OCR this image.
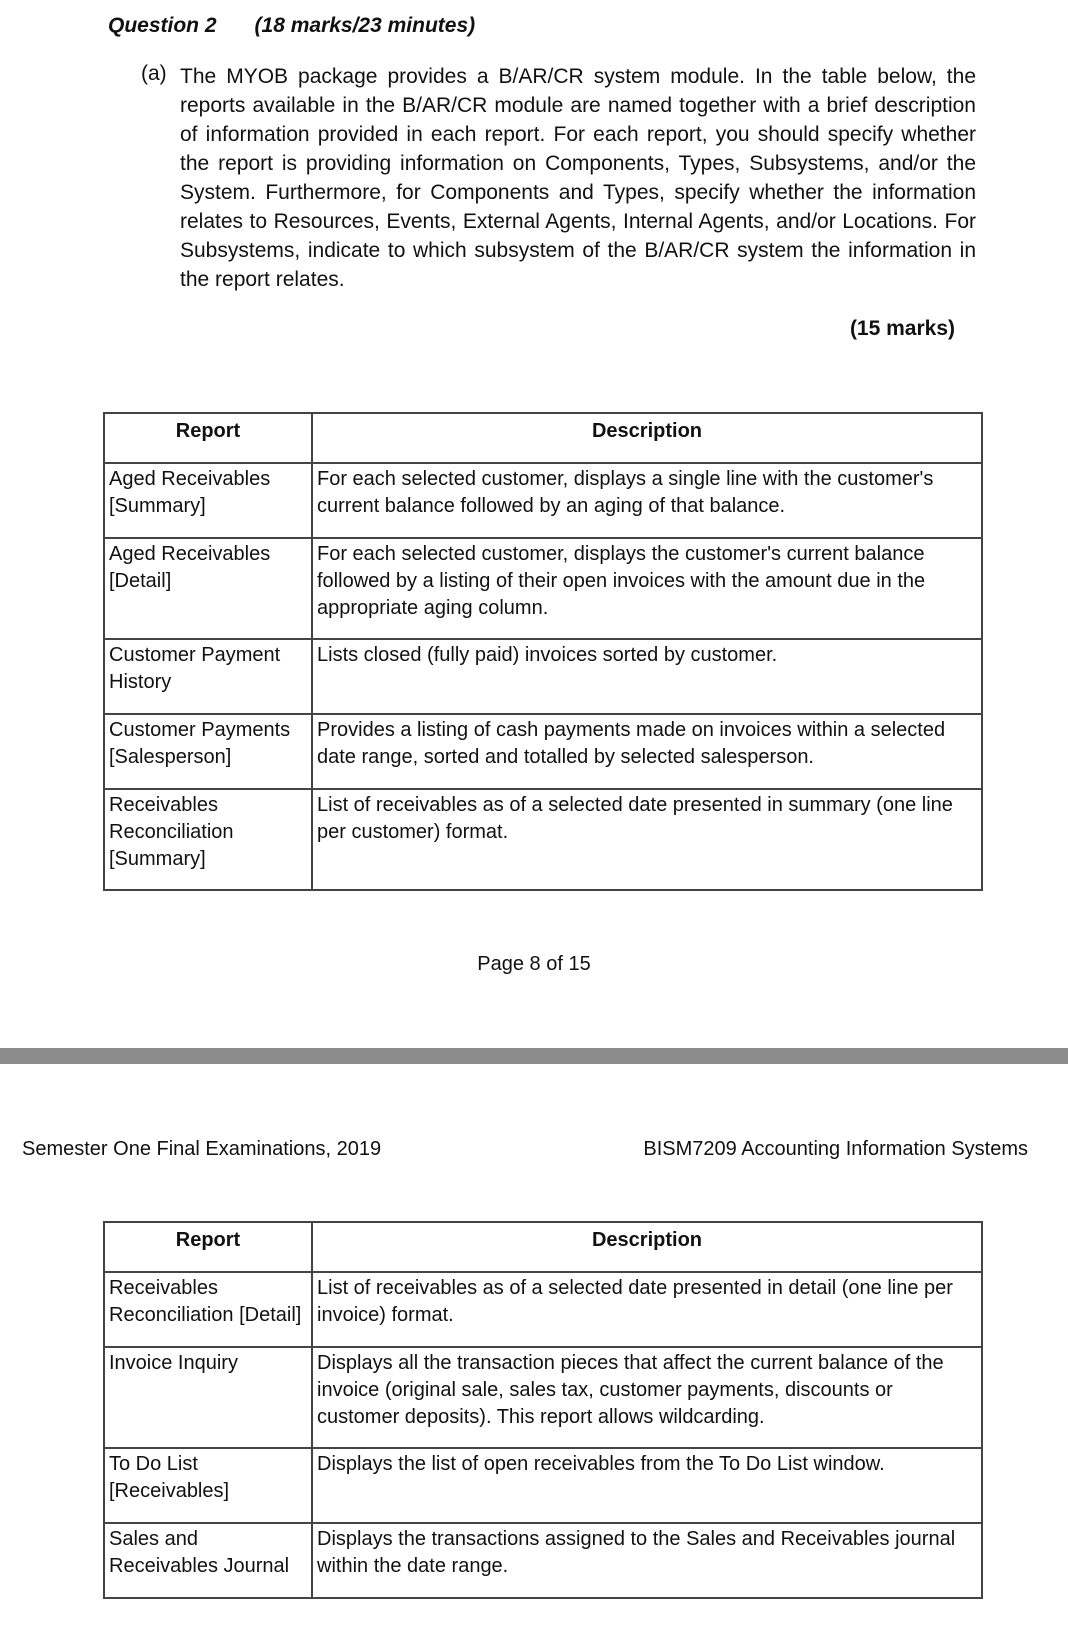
Question 2 (18 marks/23 minutes)
(a) The MYOB package provides a B/AR/CR system module. In the table below, the reports available in the B/AR/CR module are named together with a brief description of information provided in each report. For each report, you should specify whether the report is providing information on Components, Types, Subsystems, and/or the System. Furthermore, for Components and Types, specify whether the information relates to Resources, Events, External Agents, Internal Agents, and/or Locations. For Subsystems, indicate to which subsystem of the B/AR/CR system the information in the report relates.
(15 marks)
Report	Description
Aged Receivables [Summary]	For each selected customer, displays a single line with the customer's current balance followed by an aging of that balance.
Aged Receivables [Detail]	For each selected customer, displays the customer's current balance followed by a listing of their open invoices with the amount due in the appropriate aging column.
Customer Payment History	Lists closed (fully paid) invoices sorted by customer.
Customer Payments [Salesperson]	Provides a listing of cash payments made on invoices within a selected date range, sorted and totalled by selected salesperson.
Receivables Reconciliation [Summary]	List of receivables as of a selected date presented in summary (one line per customer) format.
Page 8 of 15
Semester One Final Examinations, 2019	BISM7209 Accounting Information Systems
Report	Description
Receivables Reconciliation [Detail]	List of receivables as of a selected date presented in detail (one line per invoice) format.
Invoice Inquiry	Displays all the transaction pieces that affect the current balance of the invoice (original sale, sales tax, customer payments, discounts or customer deposits). This report allows wildcarding.
To Do List [Receivables]	Displays the list of open receivables from the To Do List window.
Sales and Receivables Journal	Displays the transactions assigned to the Sales and Receivables journal within the date range.
